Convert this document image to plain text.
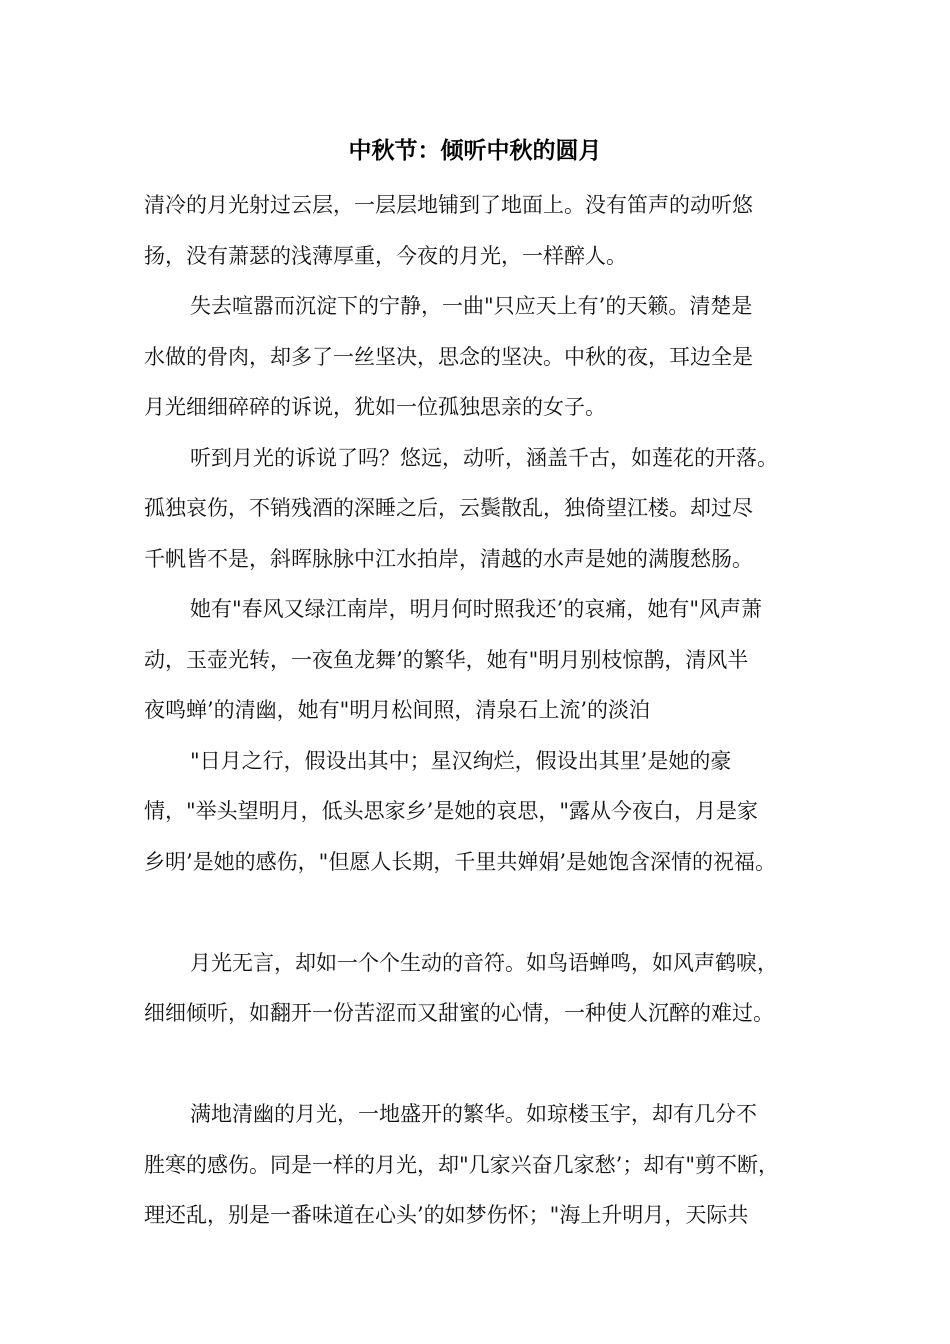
中秋节：倾听中秋的圆月
清冷的月光射过云层，一层层地铺到了地面上。没有笛声的动听悠
扬，没有萧瑟的浅薄厚重，今夜的月光，一样醉人。
失去喧嚣而沉淀下的宁静，一曲"只应天上有’的天籁。清楚是
水做的骨肉，却多了一丝坚决，思念的坚决。中秋的夜，耳边全是
月光细细碎碎的诉说，犹如一位孤独思亲的女子。
听到月光的诉说了吗？悠远，动听，涵盖千古，如莲花的开落。
孤独哀伤，不销残酒的深睡之后，云鬓散乱，独倚望江楼。却过尽
千帆皆不是，斜晖脉脉中江水拍岸，清越的水声是她的满腹愁肠。
她有"春风又绿江南岸，明月何时照我还’的哀痛，她有"风声萧
动，玉壶光转，一夜鱼龙舞’的繁华，她有"明月别枝惊鹊，清风半
夜鸣蝉’的清幽，她有"明月松间照，清泉石上流’的淡泊
"日月之行，假设出其中；星汉绚烂，假设出其里’是她的豪
情，"举头望明月，低头思家乡’是她的哀思，"露从今夜白，月是家
乡明’是她的感伤，"但愿人长期，千里共婵娟’是她饱含深情的祝福。
月光无言，却如一个个生动的音符。如鸟语蝉鸣，如风声鹤唳，
细细倾听，如翻开一份苦涩而又甜蜜的心情，一种使人沉醉的难过。
满地清幽的月光，一地盛开的繁华。如琼楼玉宇，却有几分不
胜寒的感伤。同是一样的月光，却"几家兴奋几家愁’；却有"剪不断，
理还乱，别是一番味道在心头’的如梦伤怀；"海上升明月，天际共
